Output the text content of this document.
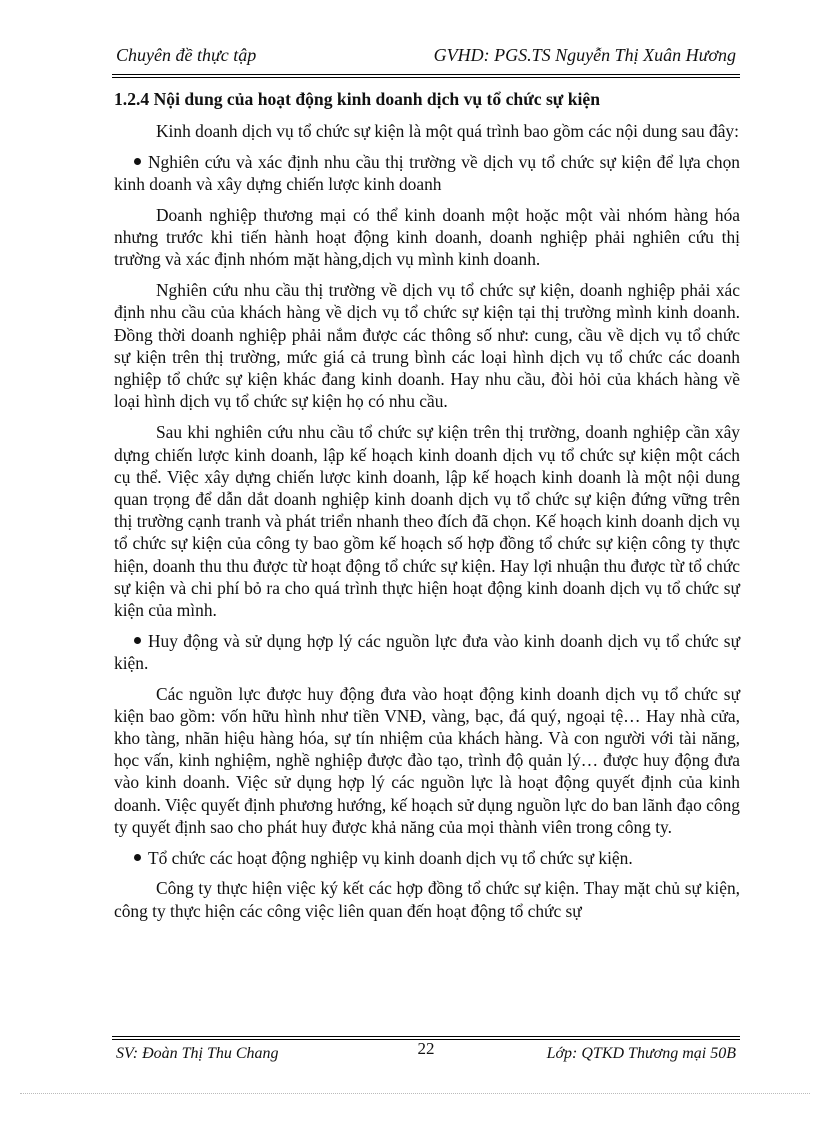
Chuyên đề thực tập	GVHD: PGS.TS Nguyễn Thị Xuân Hương
1.2.4 Nội dung của hoạt động kinh doanh dịch vụ tổ chức sự kiện

Kinh doanh dịch vụ tổ chức sự kiện là một quá trình bao gồm các nội dung sau đây:

Nghiên cứu và xác định nhu cầu thị trường về dịch vụ tổ chức sự kiện để lựa chọn kinh doanh và xây dựng chiến lược kinh doanh

Doanh nghiệp thương mại có thể kinh doanh một hoặc một vài nhóm hàng hóa nhưng trước khi tiến hành hoạt động kinh doanh, doanh nghiệp phải nghiên cứu thị trường và xác định nhóm mặt hàng,dịch vụ mình kinh doanh.

Nghiên cứu nhu cầu thị trường về dịch vụ tổ chức sự kiện, doanh nghiệp phải xác định nhu cầu của khách hàng về dịch vụ tổ chức sự kiện tại thị trường mình kinh doanh. Đồng thời doanh nghiệp phải nắm được các thông số như: cung, cầu về dịch vụ tổ chức sự kiện trên thị trường, mức giá cả trung bình các loại hình dịch vụ tổ chức các doanh nghiệp tổ chức sự kiện khác đang kinh doanh. Hay nhu cầu, đòi hỏi của khách hàng về loại hình dịch vụ tổ chức sự kiện họ có nhu cầu.

Sau khi nghiên cứu nhu cầu tổ chức sự kiện trên thị trường, doanh nghiệp cần xây dựng chiến lược kinh doanh, lập kế hoạch kinh doanh dịch vụ tổ chức sự kiện một cách cụ thể. Việc xây dựng chiến lược kinh doanh, lập kế hoạch kinh doanh là một nội dung quan trọng để dẫn dắt doanh nghiệp kinh doanh dịch vụ tổ chức sự kiện đứng vững trên thị trường cạnh tranh và phát triển nhanh theo đích đã chọn. Kế hoạch kinh doanh dịch vụ tổ chức sự kiện của công ty bao gồm kế hoạch số hợp đồng tổ chức sự kiện công ty thực hiện, doanh thu thu được từ hoạt động tổ chức sự kiện. Hay lợi nhuận thu được từ tổ chức sự kiện và chi phí bỏ ra cho quá trình thực hiện hoạt động kinh doanh dịch vụ tổ chức sự kiện của mình.

Huy động và sử dụng hợp lý các nguồn lực đưa vào kinh doanh dịch vụ tổ chức sự kiện.

Các nguồn lực được huy động đưa vào hoạt động kinh doanh dịch vụ tổ chức sự kiện bao gồm: vốn hữu hình như tiền VNĐ, vàng, bạc, đá quý, ngoại tệ… Hay nhà cửa, kho tàng, nhãn hiệu hàng hóa, sự tín nhiệm của khách hàng. Và con người với tài năng, học vấn, kinh nghiệm, nghề nghiệp được đào tạo, trình độ quản lý… được huy động đưa vào kinh doanh. Việc sử dụng hợp lý các nguồn lực là hoạt động quyết định của kinh doanh. Việc quyết định phương hướng, kế hoạch sử dụng nguồn lực do ban lãnh đạo công ty quyết định sao cho phát huy được khả năng của mọi thành viên trong công ty.

Tổ chức các hoạt động nghiệp vụ kinh doanh dịch vụ tổ chức sự kiện.

Công ty thực hiện việc ký kết các hợp đồng tổ chức sự kiện. Thay mặt chủ sự kiện, công ty thực hiện các công việc liên quan đến hoạt động tổ chức sự

SV: Đoàn Thị Thu Chang	22	Lớp: QTKD Thương mại 50B
